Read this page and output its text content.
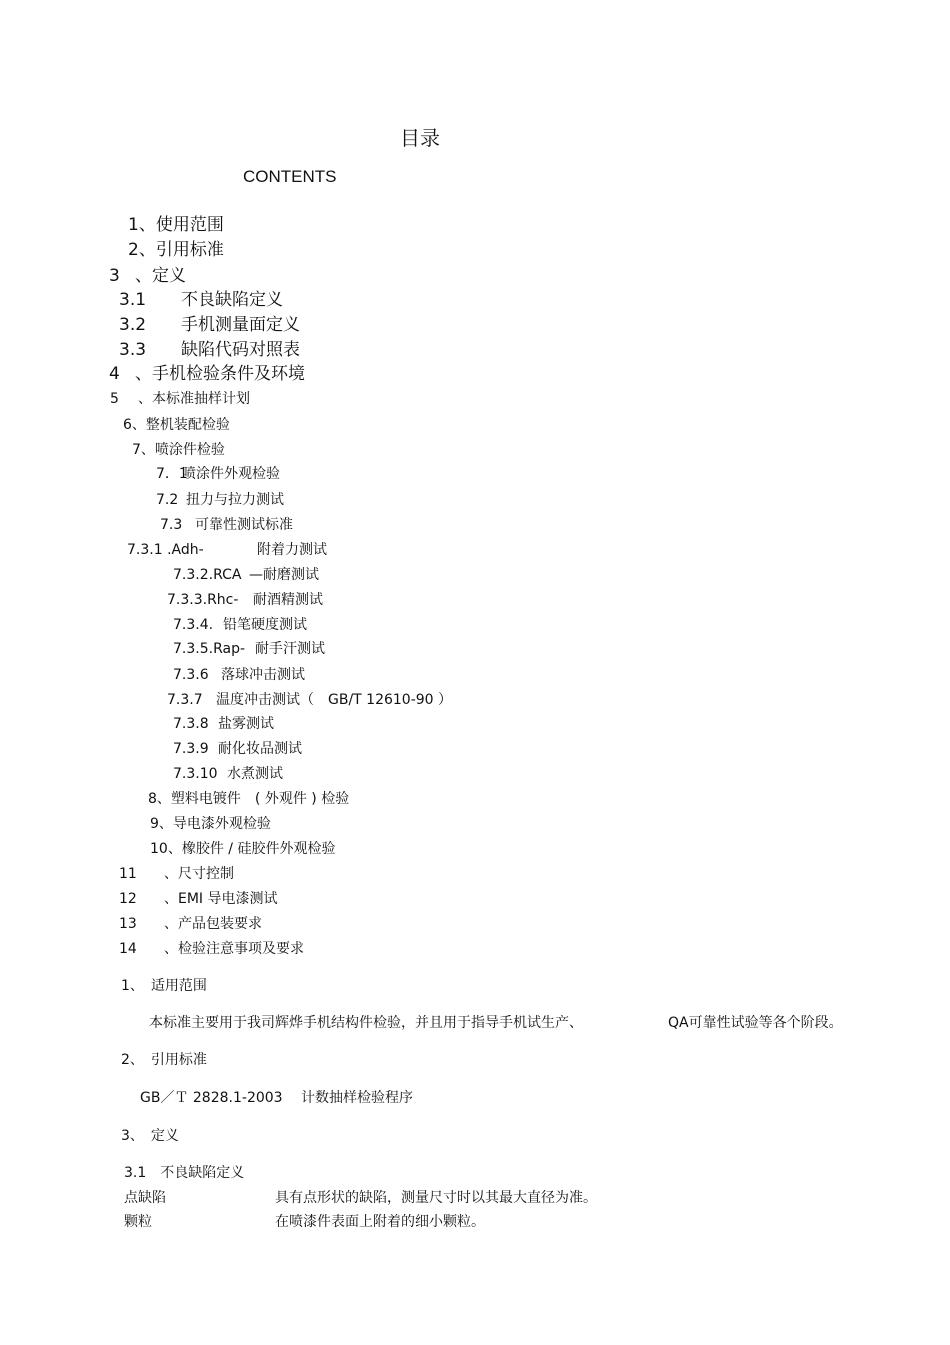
目录
CONTENTS
1、使用范围
2、引用标准
3 、定义
3.1 不良缺陷定义
3.2 手机测量面定义
3.3 缺陷代码对照表
4 、手机检验条件及环境
5 、本标准抽样计划
6、整机装配检验
7、喷涂件检验
7．1喷涂件外观检验
7.2 扭力与拉力测试
7.3 可靠性测试标准
7.3.1 .Adh-	附着力测试
7.3.2.RCA —耐磨测试
7.3.3.Rhc- 耐酒精测试
7.3.4. 铅笔硬度测试
7.3.5.Rap- 耐手汗测试
7.3.6 落球冲击测试
7.3.7 温度冲击测试（　GB/T 12610-90 ）
7.3.8 盐雾测试
7.3.9 耐化妆品测试
7.3.10 水煮测试
8、塑料电镀件　( 外观件 ) 检验
9、导电漆外观检验
10、橡胶件 / 硅胶件外观检验
11 、尺寸控制
12 、EMI 导电漆测试
13 、产品包装要求
14 、检验注意事项及要求
1、　适用范围
本标准主要用于我司辉烨手机结构件检验，并且用于指导手机试生产、	QA可靠性试验等各个阶段。
2、　引用标准
GB／Ｔ 2828.1-2003 计数抽样检验程序
3、　定义
3.1　不良缺陷定义
点缺陷	具有点形状的缺陷，测量尺寸时以其最大直径为准。
颗粒	在喷漆件表面上附着的细小颗粒。
